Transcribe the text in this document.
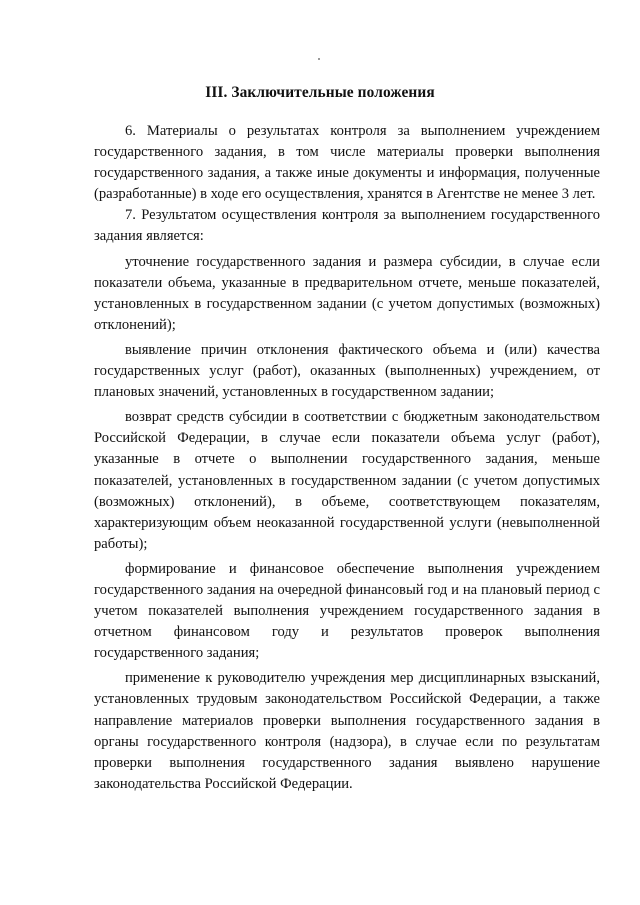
III. Заключительные положения

6. Материалы о результатах контроля за выполнением учреждением государственного задания, в том числе материалы проверки выполнения государственного задания, а также иные документы и информация, полученные (разработанные) в ходе его осуществления, хранятся в Агентстве не менее 3 лет.

7. Результатом осуществления контроля за выполнением государственного задания является:

уточнение государственного задания и размера субсидии, в случае если показатели объема, указанные в предварительном отчете, меньше показателей, установленных в государственном задании (с учетом допустимых (возможных) отклонений);

выявление причин отклонения фактического объема и (или) качества государственных услуг (работ), оказанных (выполненных) учреждением, от плановых значений, установленных в государственном задании;

возврат средств субсидии в соответствии с бюджетным законодательством Российской Федерации, в случае если показатели объема услуг (работ), указанные в отчете о выполнении государственного задания, меньше показателей, установленных в государственном задании (с учетом допустимых (возможных) отклонений), в объеме, соответствующем показателям, характеризующим объем неоказанной государственной услуги (невыполненной работы);

формирование и финансовое обеспечение выполнения учреждением государственного задания на очередной финансовый год и на плановый период с учетом показателей выполнения учреждением государственного задания в отчетном финансовом году и результатов проверок выполнения государственного задания;

применение к руководителю учреждения мер дисциплинарных взысканий, установленных трудовым законодательством Российской Федерации, а также направление материалов проверки выполнения государственного задания в органы государственного контроля (надзора), в случае если по результатам проверки выполнения государственного задания выявлено нарушение законодательства Российской Федерации.
